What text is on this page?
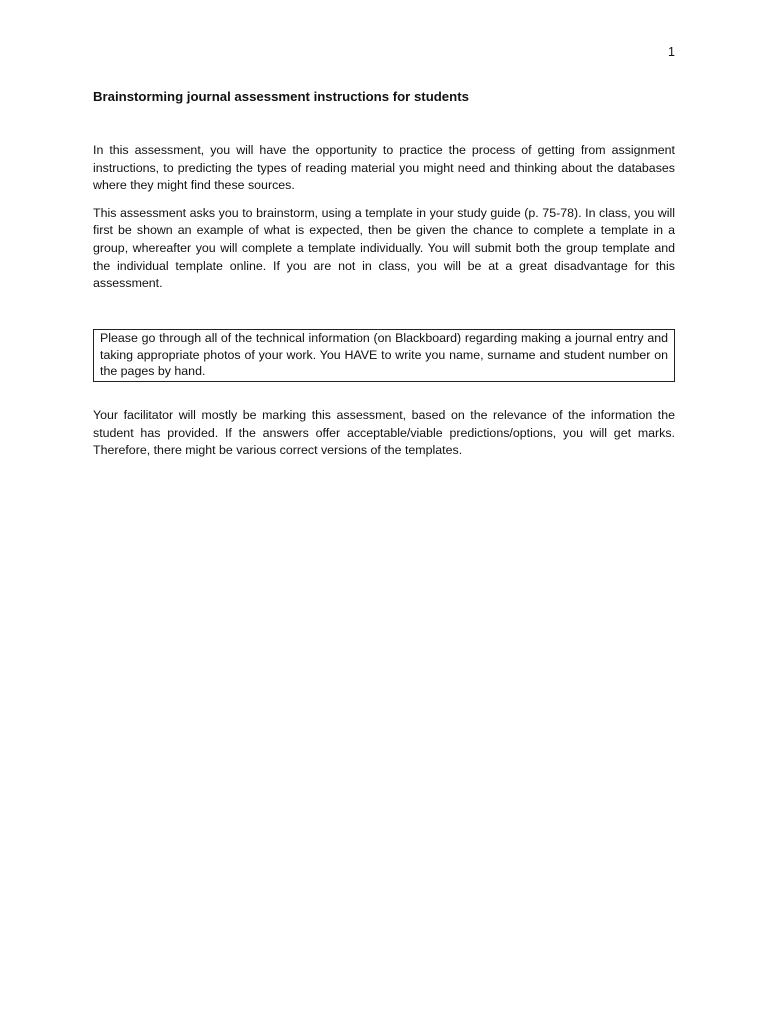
1
Brainstorming journal assessment instructions for students

In this assessment, you will have the opportunity to practice the process of getting from assignment instructions, to predicting the types of reading material you might need and thinking about the databases where they might find these sources.

This assessment asks you to brainstorm, using a template in your study guide (p. 75-78). In class, you will first be shown an example of what is expected, then be given the chance to complete a template in a group, whereafter you will complete a template individually. You will submit both the group template and the individual template online. If you are not in class, you will be at a great disadvantage for this assessment.

Please go through all of the technical information (on Blackboard) regarding making a journal entry and taking appropriate photos of your work. You HAVE to write you name, surname and student number on the pages by hand.

Your facilitator will mostly be marking this assessment, based on the relevance of the information the student has provided. If the answers offer acceptable/viable predictions/options, you will get marks. Therefore, there might be various correct versions of the templates.
